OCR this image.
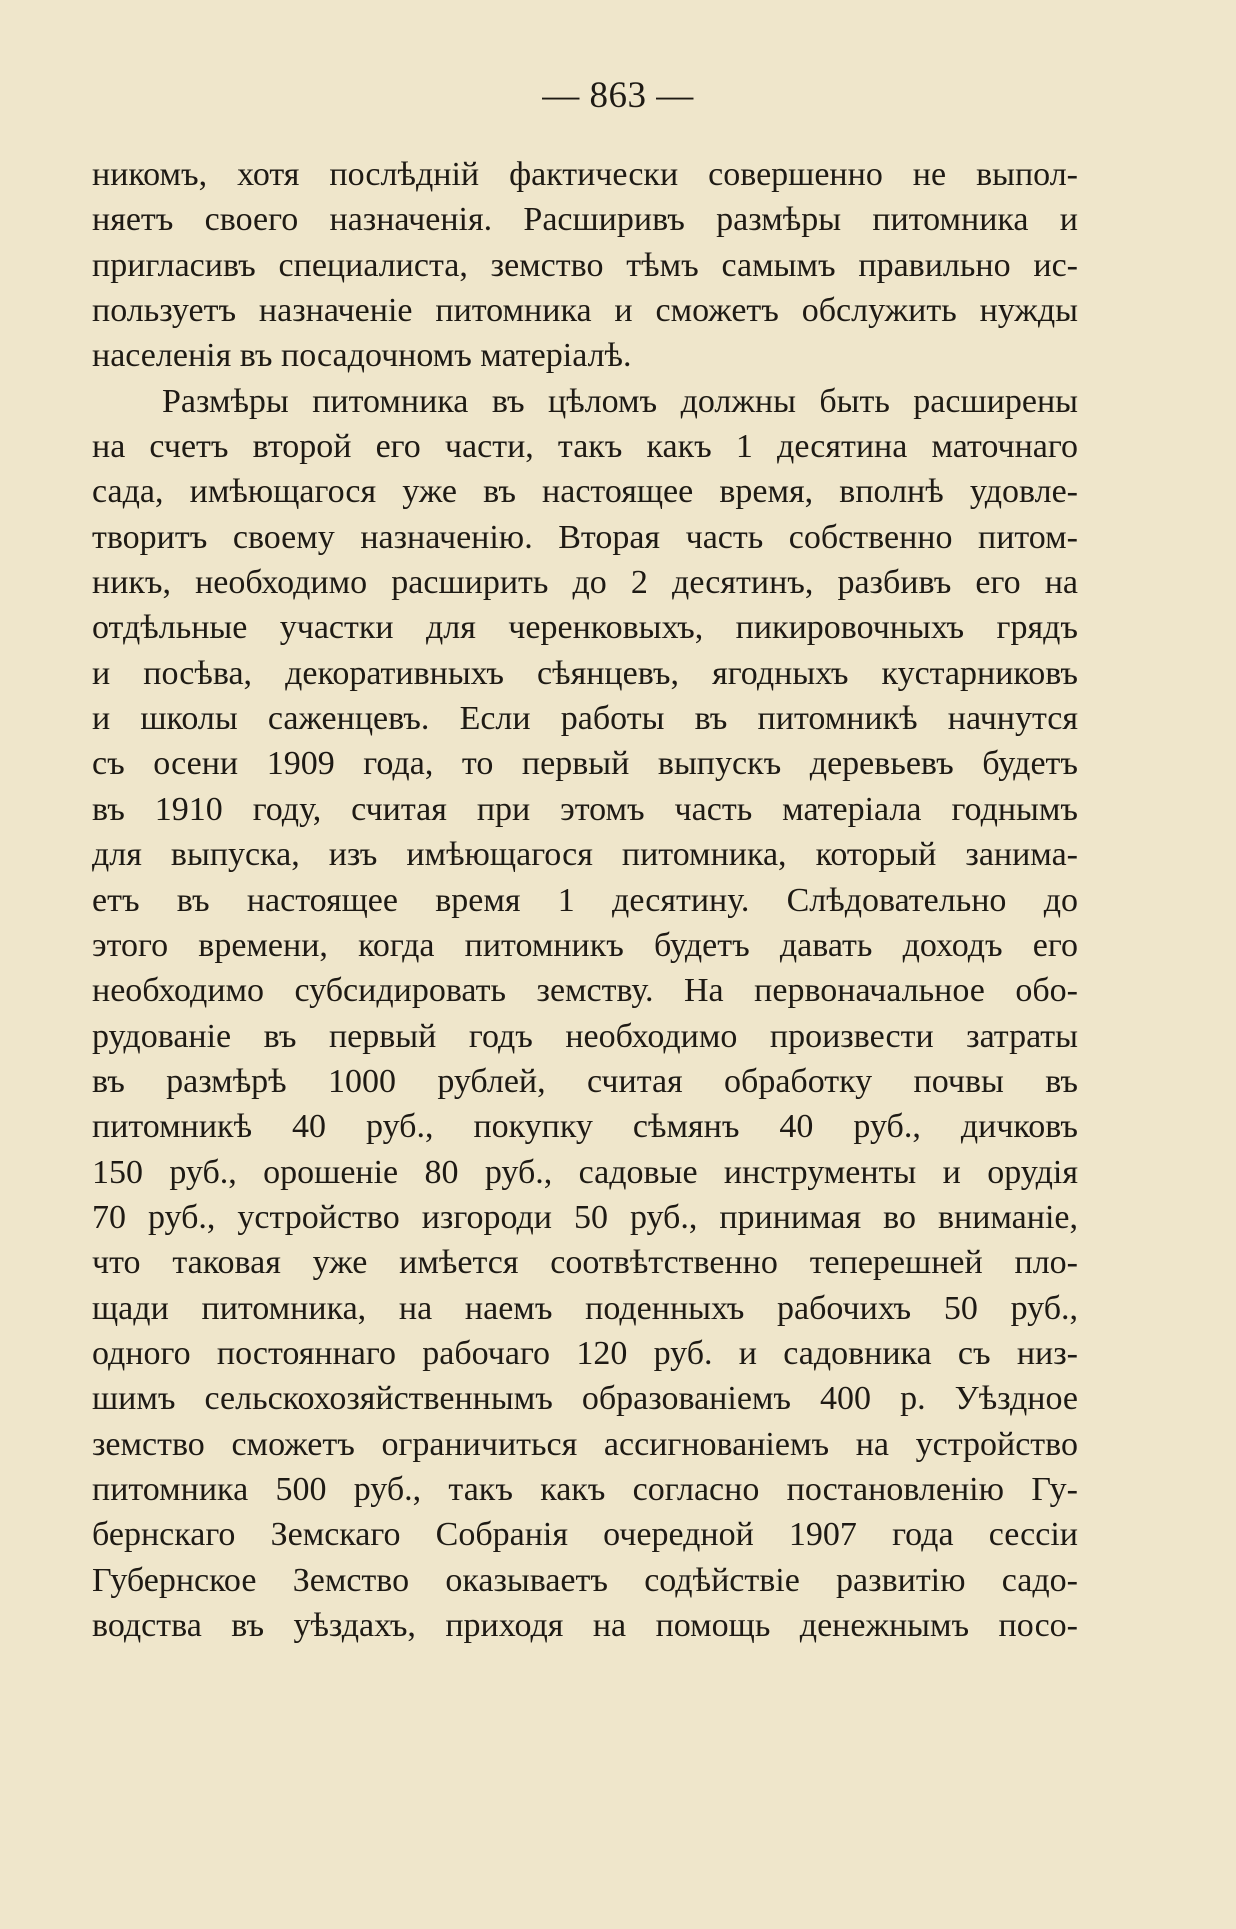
— 863 —
никомъ, хотя послѣднiй фактически совершенно не выпол-
няетъ своего назначенiя. Расширивъ размѣры питомника и
пригласивъ специалиста, земство тѣмъ самымъ правильно ис-
пользуетъ назначенiе питомника и сможетъ обслужить нужды
населенiя въ посадочномъ матерiалѣ.
Размѣры питомника въ цѣломъ должны быть расширены
на счетъ второй его части, такъ какъ 1 десятина маточнаго
сада, имѣющагося уже въ настоящее время, вполнѣ удовле-
творитъ своему назначенiю. Вторая часть собственно питом-
никъ, необходимо расширить до 2 десятинъ, разбивъ его на
отдѣльные участки для черенковыхъ, пикировочныхъ грядъ
и посѣва, декоративныхъ сѣянцевъ, ягодныхъ кустарниковъ
и школы саженцевъ. Если работы въ питомникѣ начнутся
съ осени 1909 года, то первый выпускъ деревьевъ будетъ
въ 1910 году, считая при этомъ часть матерiала годнымъ
для выпуска, изъ имѣющагося питомника, который занима-
етъ въ настоящее время 1 десятину. Слѣдовательно до
этого времени, когда питомникъ будетъ давать доходъ его
необходимо субсидировать земству. На первоначальное обо-
рудованiе въ первый годъ необходимо произвести затраты
въ размѣрѣ 1000 рублей, считая обработку почвы въ
питомникѣ 40 руб., покупку сѣмянъ 40 руб., дичковъ
150 руб., орошенiе 80 руб., садовые инструменты и орудiя
70 руб., устройство изгороди 50 руб., принимая во вниманiе,
что таковая уже имѣется соотвѣтственно теперешней пло-
щади питомника, на наемъ поденныхъ рабочихъ 50 руб.,
одного постояннаго рабочаго 120 руб. и садовника съ низ-
шимъ сельскохозяйственнымъ образованiемъ 400 р. Уѣздное
земство сможетъ ограничиться ассигнованiемъ на устройство
питомника 500 руб., такъ какъ согласно постановленiю Гу-
бернскаго Земскаго Собранiя очередной 1907 года сессiи
Губернское Земство оказываетъ содѣйствiе развитiю садо-
водства въ уѣздахъ, приходя на помощь денежнымъ посо-
